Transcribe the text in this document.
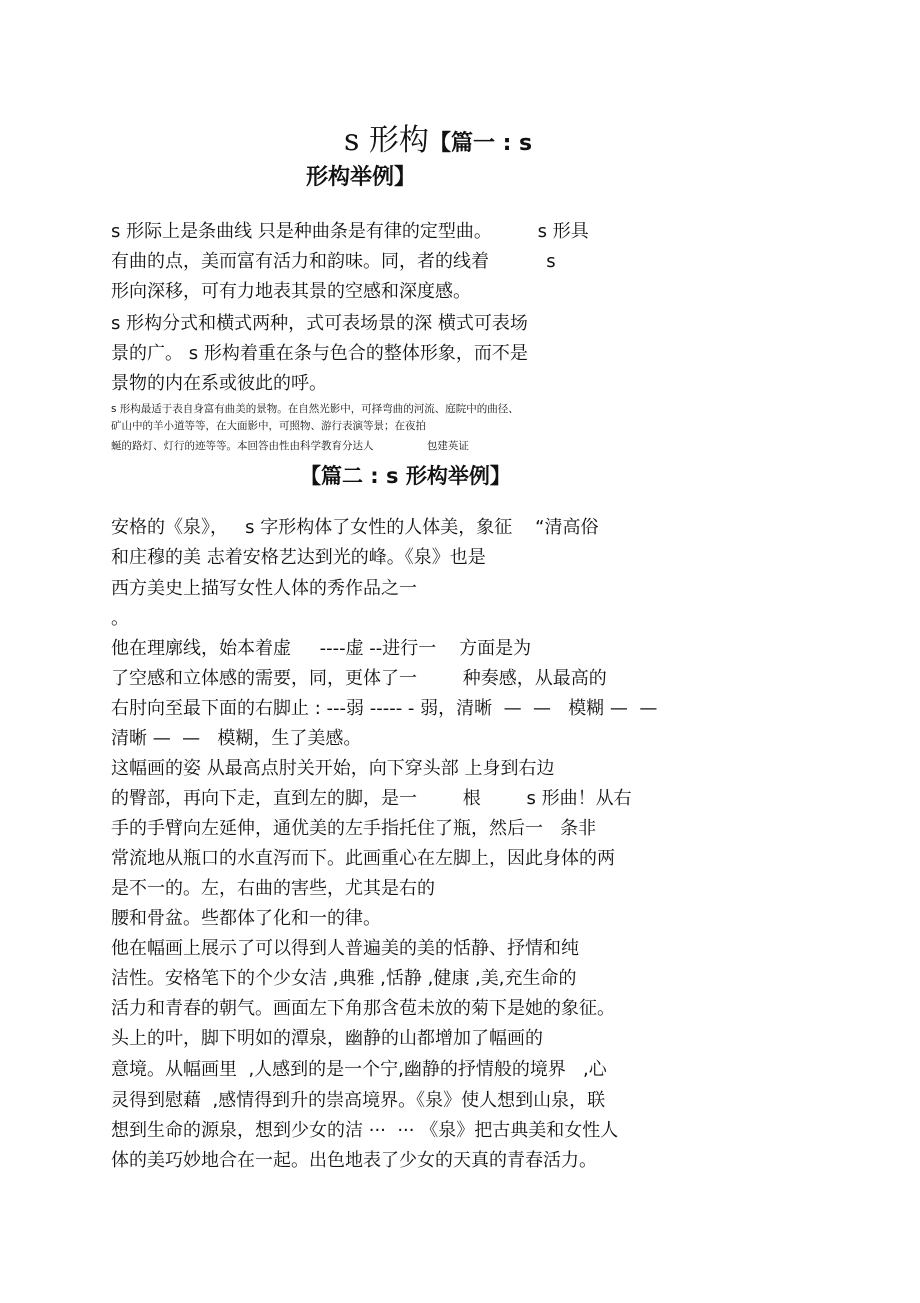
s 形构【篇一 : s
形构举例】
s 形际上是条曲线 只是种曲条是有律的定型曲。        s 形具
有曲的点，美而富有活力和韵味。同，者的线着          s
形向深移，可有力地表其景的空感和深度感。
s 形构分式和横式两种，式可表场景的深 横式可表场
景的广。 s 形构着重在条与色合的整体形象，而不是
景物的内在系或彼此的呼。
s 形构最适于表自身富有曲美的景物。在自然光影中，可择弯曲的河流、庭院中的曲径、
矿山中的羊小道等等，在大面影中，可照物、游行表演等景；在夜拍
蜒的路灯、灯行的迹等等。本回答由性由科学教育分达人                包建英证
【篇二 : s 形构举例】
安格的《泉》，   s 字形构体了女性的人体美，象征    “清高俗
和庄穆的美 志着安格艺达到光的峰。《泉》也是
西方美史上描写女性人体的秀作品之一
。
他在理廓线，始本着虚     ----虚 --进行一    方面是为
了空感和立体感的需要，同，更体了一        种奏感，从最高的
右肘向至最下面的右脚止 : ---弱 ----- - 弱，清晰  —  —   模糊 —  —
清晰 —  —   模糊，生了美感。
这幅画的姿 从最高点肘关开始，向下穿头部 上身到右边
的臀部，再向下走，直到左的脚，是一        根        s 形曲！从右
手的手臂向左延伸，通优美的左手指托住了瓶，然后一   条非
常流地从瓶口的水直泻而下。此画重心在左脚上，因此身体的两
是不一的。左，右曲的害些，尤其是右的
腰和骨盆。些都体了化和一的律。
他在幅画上展示了可以得到人普遍美的美的恬静、抒情和纯
洁性。安格笔下的个少女洁 ,典雅 ,恬静 ,健康 ,美,充生命的
活力和青春的朝气。画面左下角那含苞未放的菊下是她的象征。
头上的叶，脚下明如的潭泉，幽静的山都增加了幅画的
意境。从幅画里  ,人感到的是一个宁,幽静的抒情般的境界   ,心
灵得到慰藉  ,感情得到升的崇高境界。《泉》使人想到山泉，联
想到生命的源泉，想到少女的洁 ···  ··· 《泉》把古典美和女性人
体的美巧妙地合在一起。出色地表了少女的天真的青春活力。
